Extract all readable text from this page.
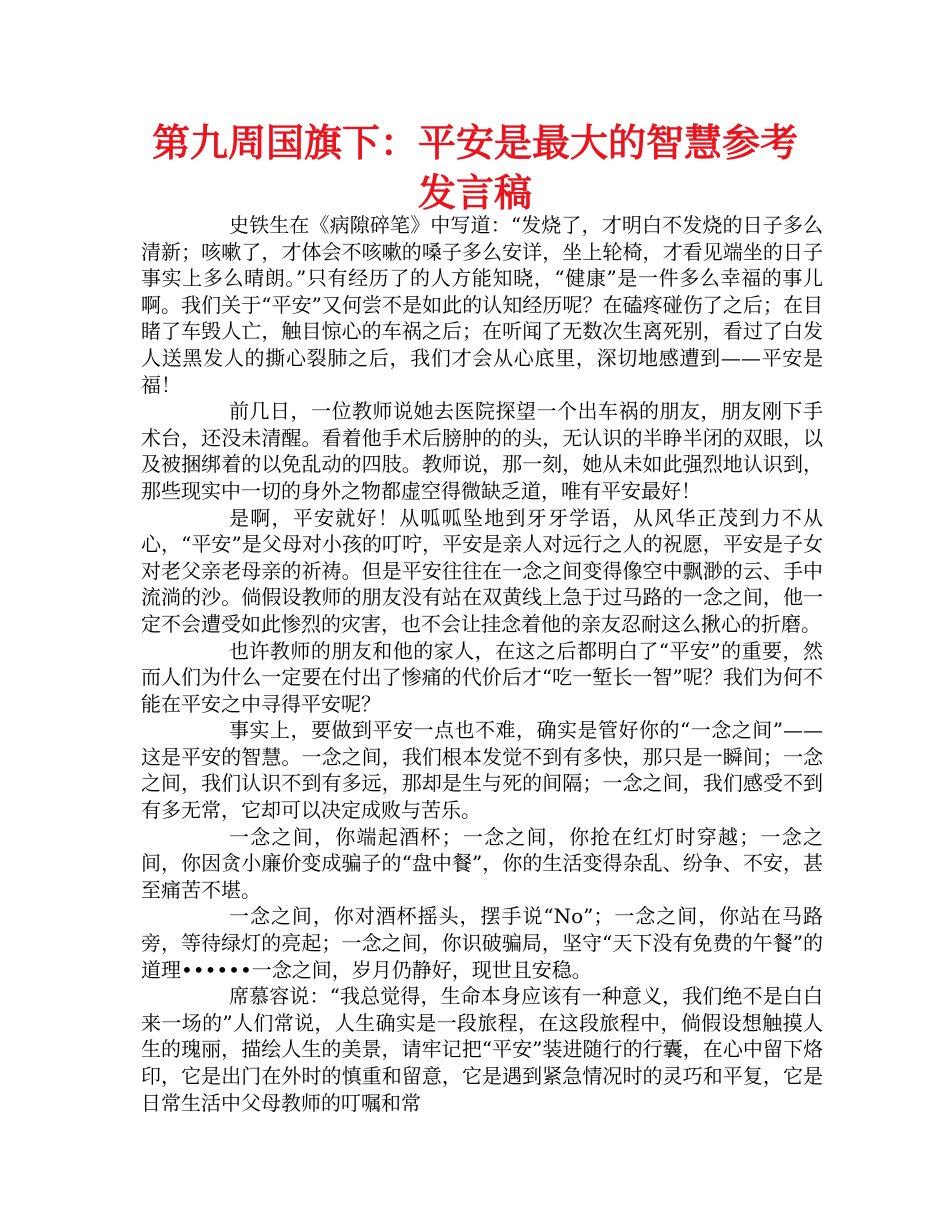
第九周国旗下：平安是最大的智慧参考发言稿

史铁生在《病隙碎笔》中写道：“发烧了，才明白不发烧的日子多么清新；咳嗽了，才体会不咳嗽的嗓子多么安详，坐上轮椅，才看见端坐的日子事实上多么晴朗。”只有经历了的人方能知晓，“健康”是一件多么幸福的事儿啊。我们关于“平安”又何尝不是如此的认知经历呢？在磕疼碰伤了之后；在目睹了车毁人亡，触目惊心的车祸之后；在听闻了无数次生离死别，看过了白发人送黑发人的撕心裂肺之后，我们才会从心底里，深切地感遭到——平安是福！

前几日，一位教师说她去医院探望一个出车祸的朋友，朋友刚下手术台，还没未清醒。看着他手术后膀肿的的头，无认识的半睁半闭的双眼，以及被捆绑着的以免乱动的四肢。教师说，那一刻，她从未如此强烈地认识到，那些现实中一切的身外之物都虚空得微缺乏道，唯有平安最好！

是啊，平安就好！从呱呱坠地到牙牙学语，从风华正茂到力不从心，“平安”是父母对小孩的叮咛，平安是亲人对远行之人的祝愿，平安是子女对老父亲老母亲的祈祷。但是平安往往在一念之间变得像空中飘渺的云、手中流淌的沙。倘假设教师的朋友没有站在双黄线上急于过马路的一念之间，他一定不会遭受如此惨烈的灾害，也不会让挂念着他的亲友忍耐这么揪心的折磨。

也许教师的朋友和他的家人，在这之后都明白了“平安”的重要，然而人们为什么一定要在付出了惨痛的代价后才“吃一堑长一智”呢？我们为何不能在平安之中寻得平安呢？

事实上，要做到平安一点也不难，确实是管好你的“一念之间”——这是平安的智慧。一念之间，我们根本发觉不到有多快，那只是一瞬间；一念之间，我们认识不到有多远，那却是生与死的间隔；一念之间，我们感受不到有多无常，它却可以决定成败与苦乐。

一念之间，你端起酒杯；一念之间，你抢在红灯时穿越；一念之间，你因贪小廉价变成骗子的“盘中餐”，你的生活变得杂乱、纷争、不安，甚至痛苦不堪。

一念之间，你对酒杯摇头，摆手说“No”；一念之间，你站在马路旁，等待绿灯的亮起；一念之间，你识破骗局，坚守“天下没有免费的午餐”的道理••••••一念之间，岁月仍静好，现世且安稳。

席慕容说：“我总觉得，生命本身应该有一种意义，我们绝不是白白来一场的”人们常说，人生确实是一段旅程，在这段旅程中，倘假设想触摸人生的瑰丽，描绘人生的美景，请牢记把“平安”装进随行的行囊，在心中留下烙印，它是出门在外时的慎重和留意，它是遇到紧急情况时的灵巧和平复，它是日常生活中父母教师的叮嘱和常
